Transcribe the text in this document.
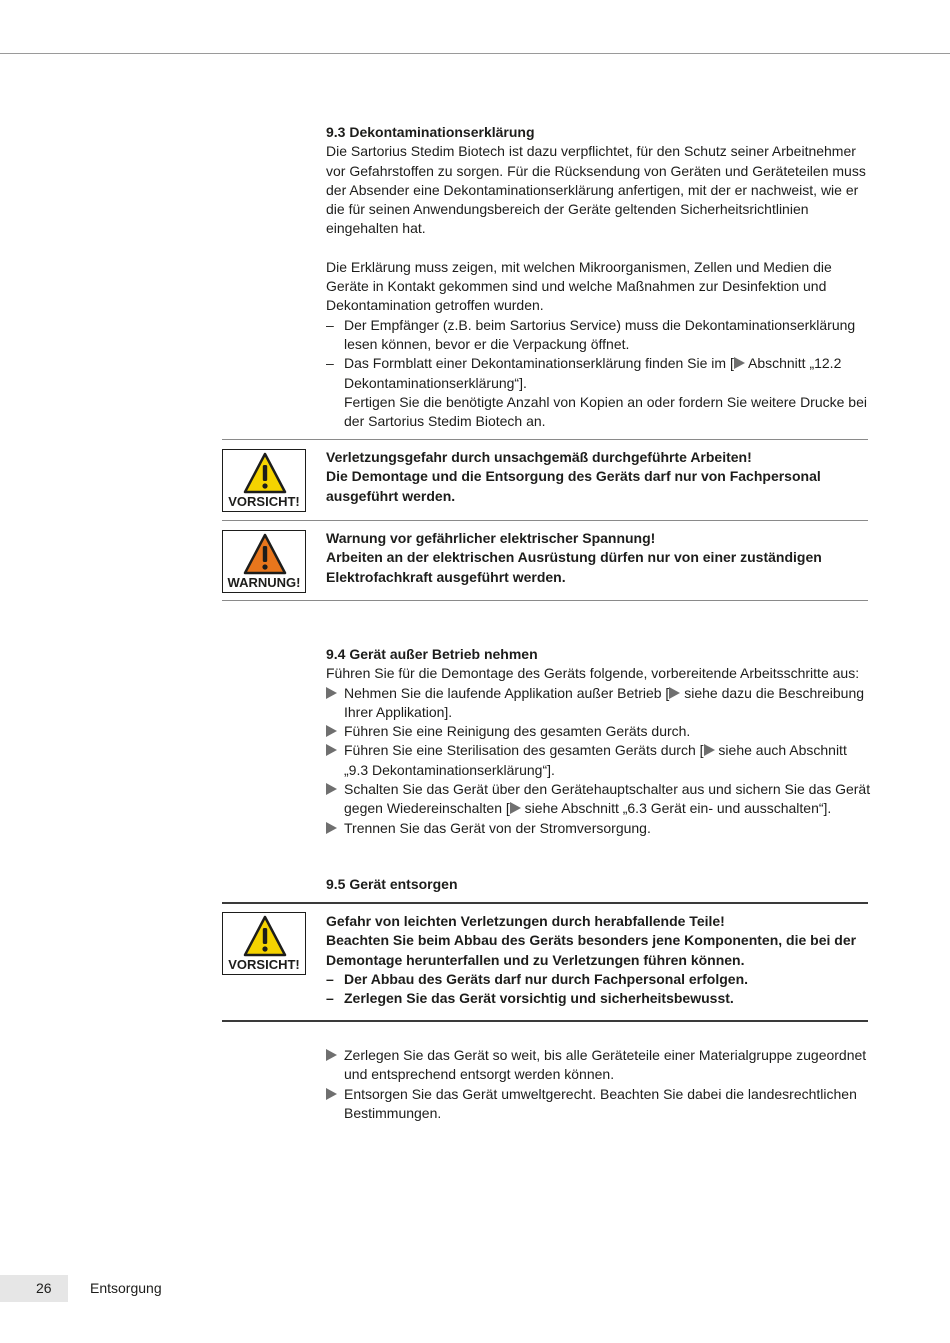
9.3 Dekontaminationserklärung

Die Sartorius Stedim Biotech ist dazu verpflichtet, für den Schutz seiner Arbeitnehmer vor Gefahrstoffen zu sorgen. Für die Rücksendung von Geräten und Geräteteilen muss der Absender eine Dekontaminationserklärung anfertigen, mit der er nachweist, wie er die für seinen Anwendungsbereich der Geräte geltenden Sicherheitsrichtlinien eingehalten hat.

Die Erklärung muss zeigen, mit welchen Mikroorganismen, Zellen und Medien die Geräte in Kontakt gekommen sind und welche Maßnahmen zur Desinfektion und Dekontamination getroffen wurden.

– Der Empfänger (z.B. beim Sartorius Service) muss die Dekontaminationserklärung lesen können, bevor er die Verpackung öffnet.
– Das Formblatt einer Dekontaminationserklärung finden Sie im [ Abschnitt „12.2 Dekontaminationserklärung“].
Fertigen Sie die benötigte Anzahl von Kopien an oder fordern Sie weitere Drucke bei der Sartorius Stedim Biotech an.
VORSICHT!
Verletzungsgefahr durch unsachgemäß durchgeführte Arbeiten!
Die Demontage und die Entsorgung des Geräts darf nur von Fachpersonal ausgeführt werden.
WARNUNG!
Warnung vor gefährlicher elektrischer Spannung!
Arbeiten an der elektrischen Ausrüstung dürfen nur von einer zuständigen Elektrofachkraft ausgeführt werden.
9.4 Gerät außer Betrieb nehmen

Führen Sie für die Demontage des Geräts folgende, vorbereitende Arbeitsschritte aus:

Nehmen Sie die laufende Applikation außer Betrieb [ siehe dazu die Beschreibung Ihrer Applikation].
Führen Sie eine Reinigung des gesamten Geräts durch.
Führen Sie eine Sterilisation des gesamten Geräts durch [ siehe auch Abschnitt „9.3 Dekontaminationserklärung“].
Schalten Sie das Gerät über den Gerätehauptschalter aus und sichern Sie das Gerät gegen Wiedereinschalten [ siehe Abschnitt „6.3 Gerät ein- und ausschalten“].
Trennen Sie das Gerät von der Stromversorgung.
9.5 Gerät entsorgen
VORSICHT!
Gefahr von leichten Verletzungen durch herabfallende Teile!
Beachten Sie beim Abbau des Geräts besonders jene Komponenten, die bei der Demontage herunterfallen und zu Verletzungen führen können.
– Der Abbau des Geräts darf nur durch Fachpersonal erfolgen.
– Zerlegen Sie das Gerät vorsichtig und sicherheitsbewusst.
Zerlegen Sie das Gerät so weit, bis alle Geräteteile einer Materialgruppe zugeordnet und entsprechend entsorgt werden können.
Entsorgen Sie das Gerät umweltgerecht. Beachten Sie dabei die landesrechtlichen Bestimmungen.
26	Entsorgung
